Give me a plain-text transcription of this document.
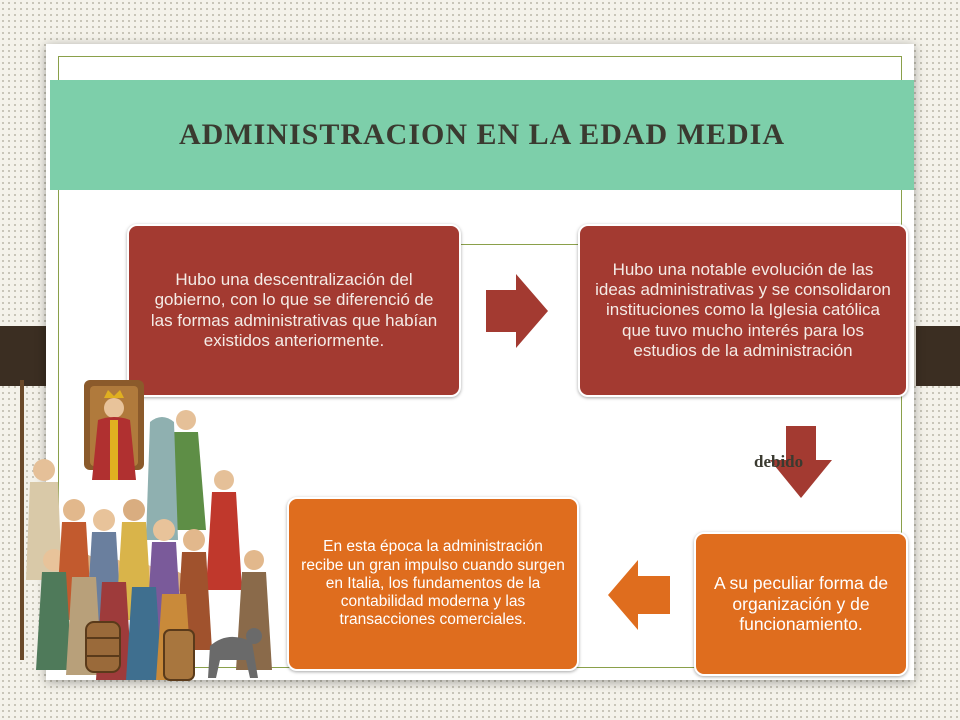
ADMINISTRACION EN LA EDAD MEDIA
Hubo una descentralización del gobierno, con lo que se diferenció de las formas administrativas que habían existidos anteriormente.
Hubo una notable evolución de las ideas administrativas y se consolidaron instituciones como la Iglesia católica que tuvo mucho interés para los estudios de la administración
debido
A su peculiar forma de organización y de funcionamiento.
En esta época la administración recibe un gran impulso cuando surgen en Italia, los fundamentos de la contabilidad moderna y las transacciones comerciales.
